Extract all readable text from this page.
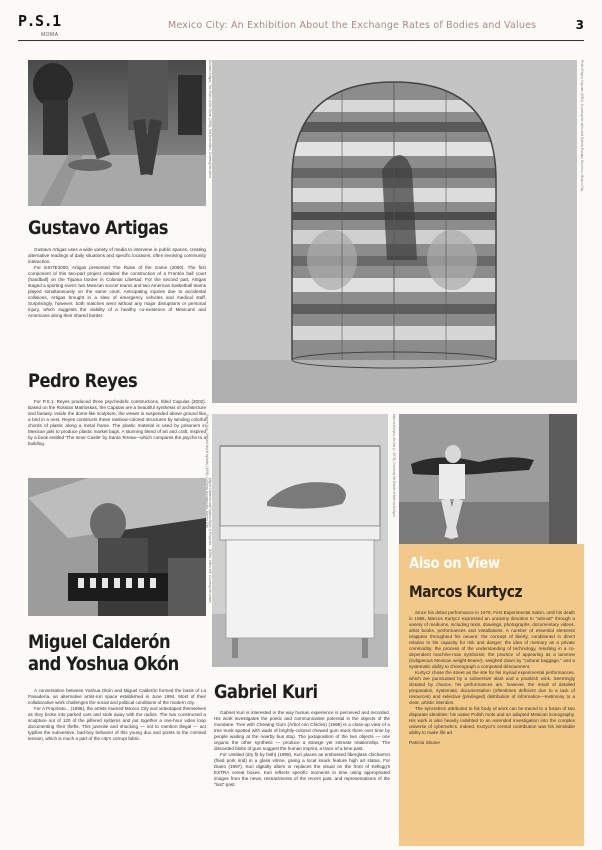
P.S.1
MOMA
Mexico City: An Exhibition About the Exchange Rates of Bodies and Values	3
Gustavo Artigas, The Rules of the Game (2000). Still from video. Courtesy the artist.	Pedro Reyes, Capulas (2002). Courtesy the artist and Galería Enrique Guerrero, Mexico City.
Gustavo Artigas

Gustavo Artigas uses a wide variety of media to intervene in public spaces, creating alternative readings of daily situations and specific locations, often involving community interaction.

For inSITE2000, Artigas presented The Rules of the Game (2000). The first component of this two-part project entailed the construction of a Frontón ball court (handball) on the Tijuana border in Colonial Libertad. For the second part, Artigas staged a sporting event: two Mexican soccer teams and two American basketball teams played simultaneously on the same court. Anticipating injuries due to accidental collisions, Artigas brought in a slew of emergency vehicles and medical staff. Surprisingly, however, both matches went without any major disruptions or personal injury, which suggests the viability of a healthy co-existence of Mexicans and Americans along their shared border.

Pedro Reyes

For P.S.1, Reyes produced three psychedelic constructions, titled Capulas (2002). Based on the Russian Matrioskas, the Capulas are a beautiful synthesis of architecture and fantasy. Inside the dome-like sculpture, the viewer is suspended above ground like a bird in a nest. Reyes constructs these rainbow-colored structures by winding colorful chords of plastic along a metal frame. The plastic material is used by prisoners in Mexican jails to produce plastic market bags. A stunning blend of art and craft, inspired by a book entitled 'The Inner Castle' by Santa Teresa—which compares the psyche to a building.

Miguel Calderón and Yoshua Okón, A Propósito... (1996). Video still. Courtesy the artists.
Miguel Calderón
and Yoshua Okón

A conversation between Yoshua Okón and Miguel Calderón formed the basis of La Panadería, an alternative artist-run space established in June 1994. Most of their collaborative work challenges the social and political conditions of the modern city.

For A Propósito... (1996), the artists roamed Mexico City and videotaped themselves as they broke into parked cars and stole away with the radios. The two constructed a sculpture out of 120 of the pilfered systems and put together a one-hour video loop documenting their thefts. This juvenile and shocking — not to mention illegal — act typifies the subversive, bad-boy behavior of this young duo and points to the criminal tension, which is much a part of the city's corrupt fabric.

Gabriel Kuri, Untitled (dry fit by faith) (1998). Courtesy kurimanzutto, Mexico City.
Gabriel Kuri

Gabriel Kuri is interested in the way human experience is perceived and recorded. His work investigates the poetic and communicative potential in the objects of the mundane. Tree with Chewing Gum (Árbol con Chicles) (1998) is a close-up view of a tree trunk spotted with wads of brightly-colored chewed gum stuck there over time by people waiting at the nearby bus stop. The juxtaposition of the two objects — one organic the other synthetic — produce a strange yet intimate relationship. The discarded blobs of gum suggest the human imprint, a trace of a time past.

For Untitled (dry fit by faith) (1998), Kuri places an embossed fiberglass chicharron (fried pork rind) in a glass vitrine, giving a local snack feature high art status. For Diario (1997), Kuri digitally alters or replaces the visual on the front of Kellogg's EXTRA cereal boxes. Kuri reflects specific moments in time using appropriated images from the news, reenactments of the recent past, and representations of the "lost" past.

Marcos Kurtycz, Acción (c. 1978). Courtesy the Estate of Marcos Kurtycz.
Also on View
Marcos Kurtycz

Since his debut performance in 1979, First Experimental Salon, until his death in 1996, Marcos Kurtycz expressed an uncanny devotion to "anti-art" through a variety of mediums, including texts, drawings, photographs, documentary videos, artist books, performances and installations. A number of essential elements reappear throughout his oeuvre: the concept of liberty, conditioned in direct relation to his capacity for risk and danger; the idea of memory as a private commodity; the process of the understanding of technology, resulting in a co-dependent machine-man symbiosis; the practice of appearing as a tameme (indiganous Mexican weight-bearer), weighed down by "cultural baggage," and a systematic ability to choreograph a composed dénouement.

Kurtycz chose the street as the site for his myriad experimental performances, which are punctuated by a subversive slant and a prankish wink. Seemingly dictated by chance, his performances are, however, the result of detailed preparation, systematic documentation (oftentimes deficient due to a lack of resources) and selective (privileged) distribution of information—testimony to a clear, artistic intention.

The syncretism attributed to his body of work can be traced to a fusion of two disparate identities: his native Polish roots and an adopted Mexican iconography. His work is also heavily indebted to an extended investigation into the complex universe of cybernetics. Indeed, Kurtycz's central contribution was his inimitable ability to make life art.

Patricia Sloane
